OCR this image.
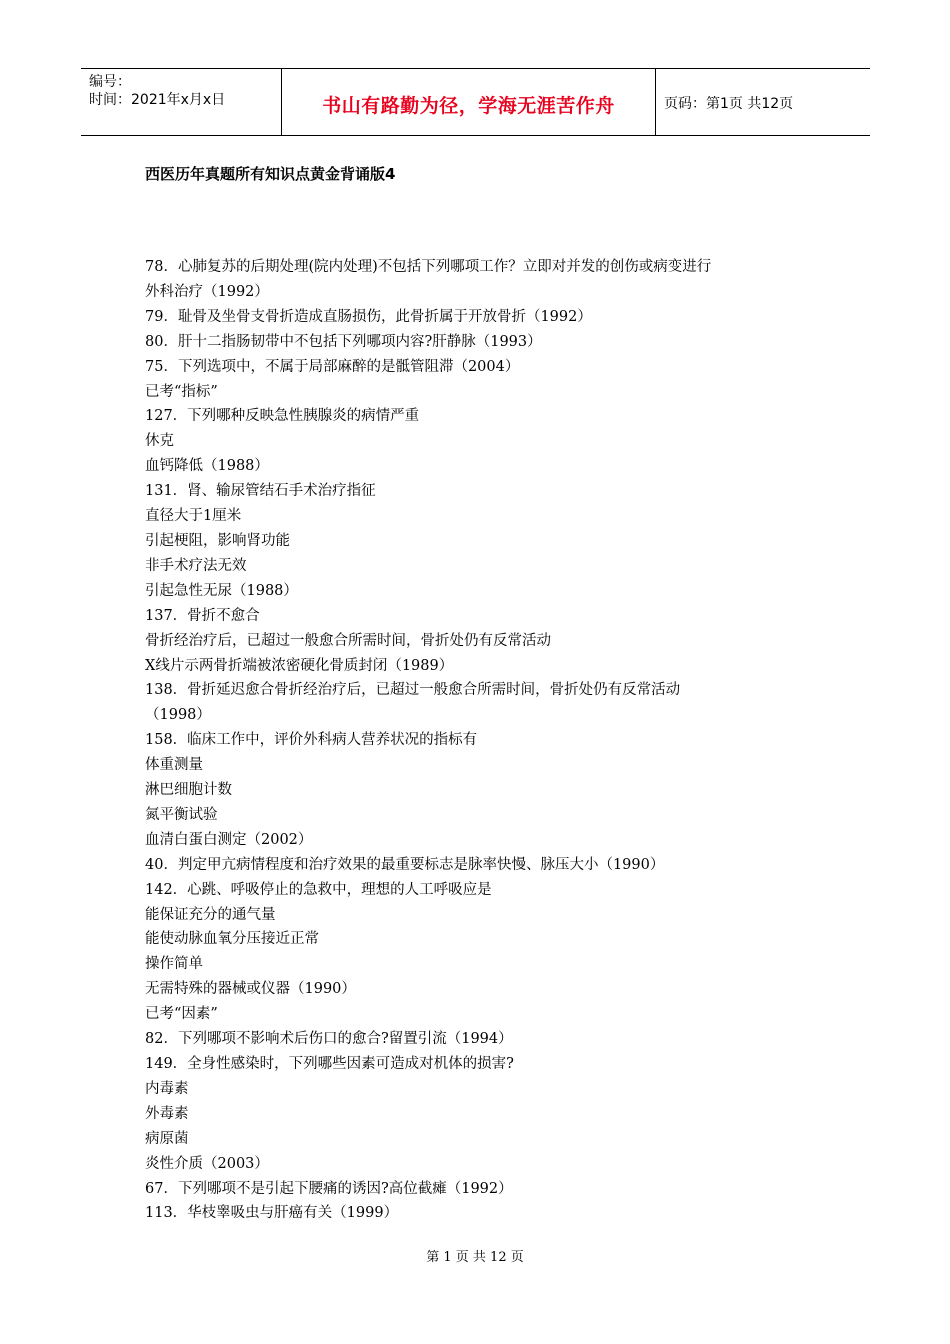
编号：
时间：2021年x月x日	书山有路勤为径，学海无涯苦作舟	页码：第1页 共12页
西医历年真题所有知识点黄金背诵版4
78．心肺复苏的后期处理(院内处理)不包括下列哪项工作？立即对并发的创伤或病变进行
外科治疗（1992）
79．耻骨及坐骨支骨折造成直肠损伤，此骨折属于开放骨折（1992）
80．肝十二指肠韧带中不包括下列哪项内容?肝静脉（1993）
75．下列选项中，不属于局部麻醉的是骶管阻滞（2004）
已考“指标”
127．下列哪种反映急性胰腺炎的病情严重
休克
血钙降低（1988）
131．肾、输尿管结石手术治疗指征
直径大于1厘米
引起梗阻，影响肾功能
非手术疗法无效
引起急性无尿（1988）
137．骨折不愈合
骨折经治疗后，已超过一般愈合所需时间，骨折处仍有反常活动
X线片示两骨折端被浓密硬化骨质封闭（1989）
138．骨折延迟愈合骨折经治疗后，已超过一般愈合所需时间，骨折处仍有反常活动
（1998）
158．临床工作中，评价外科病人营养状况的指标有
体重测量
淋巴细胞计数
氮平衡试验
血清白蛋白测定（2002）
40．判定甲亢病情程度和治疗效果的最重要标志是脉率快慢、脉压大小（1990）
142．心跳、呼吸停止的急救中，理想的人工呼吸应是
能保证充分的通气量
能使动脉血氧分压接近正常
操作简单
无需特殊的器械或仪器（1990）
已考“因素”
82．下列哪项不影响术后伤口的愈合?留置引流（1994）
149．全身性感染时，下列哪些因素可造成对机体的损害?
内毒素
外毒素
病原菌
炎性介质（2003）
67．下列哪项不是引起下腰痛的诱因?高位截瘫（1992）
113．华枝睾吸虫与肝癌有关（1999）
第 1 页 共 12 页
